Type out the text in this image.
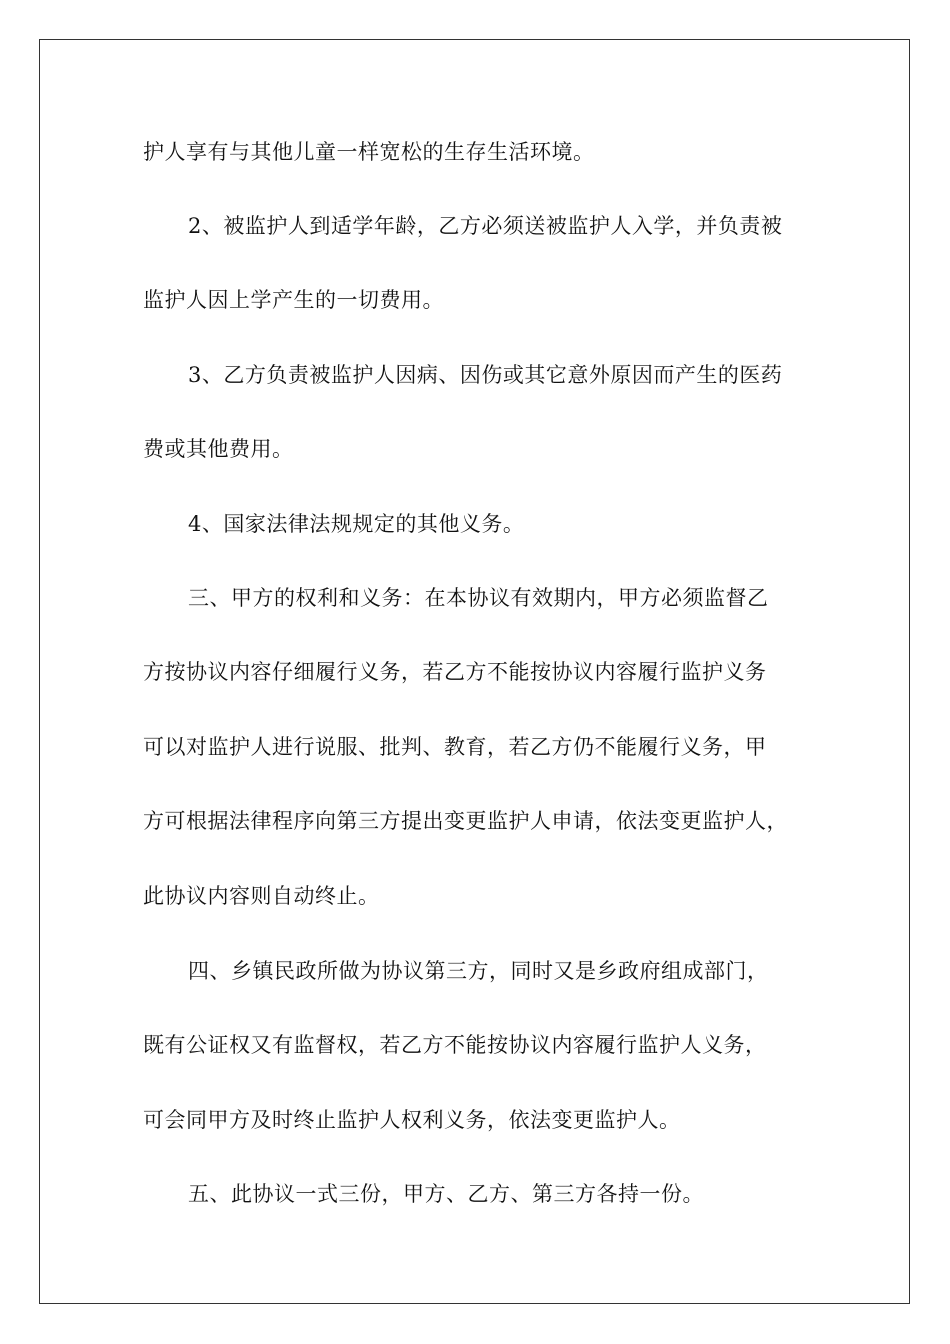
护人享有与其他儿童一样宽松的生存生活环境。
2、被监护人到适学年龄，乙方必须送被监护人入学，并负责被
监护人因上学产生的一切费用。
3、乙方负责被监护人因病、因伤或其它意外原因而产生的医药
费或其他费用。
4、国家法律法规规定的其他义务。
三、甲方的权利和义务：在本协议有效期内，甲方必须监督乙
方按协议内容仔细履行义务，若乙方不能按协议内容履行监护义务
可以对监护人进行说服、批判、教育，若乙方仍不能履行义务，甲
方可根据法律程序向第三方提出变更监护人申请，依法变更监护人，
此协议内容则自动终止。
四、乡镇民政所做为协议第三方，同时又是乡政府组成部门，
既有公证权又有监督权，若乙方不能按协议内容履行监护人义务，
可会同甲方及时终止监护人权利义务，依法变更监护人。
五、此协议一式三份，甲方、乙方、第三方各持一份。
